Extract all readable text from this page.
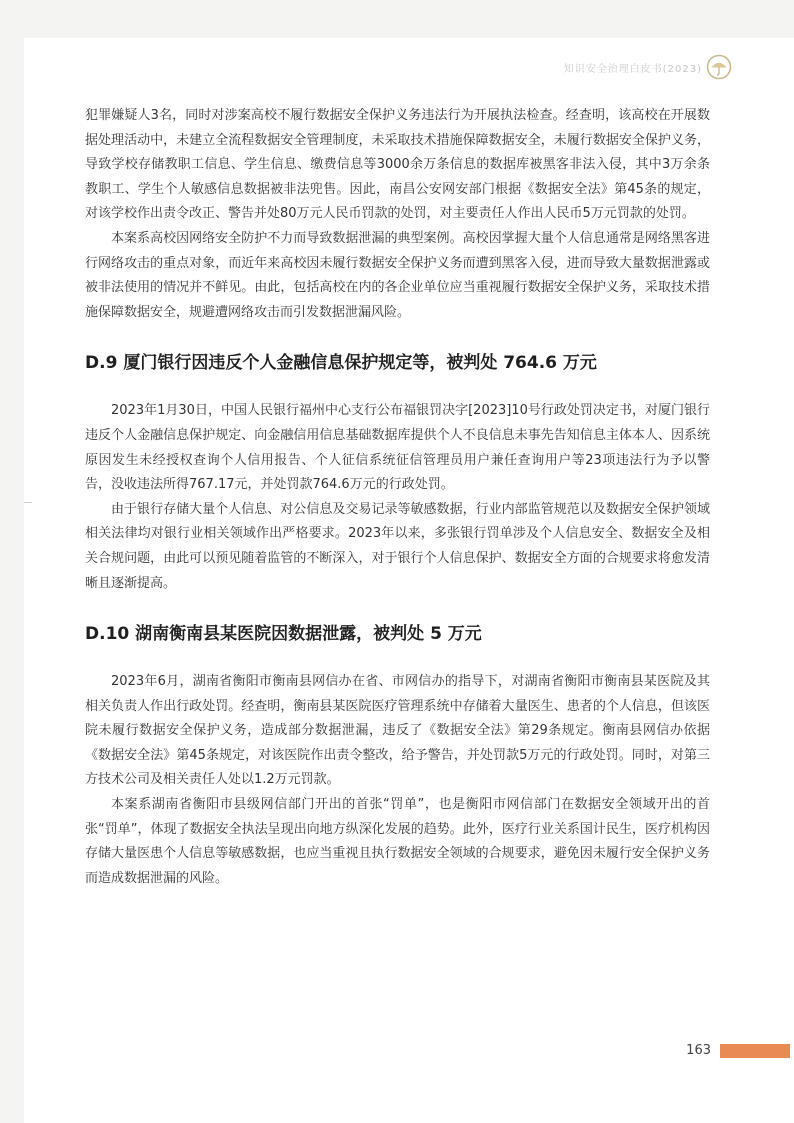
知识安全治理白皮书(2023)

犯罪嫌疑人3名，同时对涉案高校不履行数据安全保护义务违法行为开展执法检查。经查明，该高校在开展数据处理活动中，未建立全流程数据安全管理制度，未采取技术措施保障数据安全，未履行数据安全保护义务，导致学校存储教职工信息、学生信息、缴费信息等3000余万条信息的数据库被黑客非法入侵，其中3万余条教职工、学生个人敏感信息数据被非法兜售。因此，南昌公安网安部门根据《数据安全法》第45条的规定，对该学校作出责令改正、警告并处80万元人民币罚款的处罚，对主要责任人作出人民币5万元罚款的处罚。

本案系高校因网络安全防护不力而导致数据泄漏的典型案例。高校因掌握大量个人信息通常是网络黑客进行网络攻击的重点对象，而近年来高校因未履行数据安全保护义务而遭到黑客入侵，进而导致大量数据泄露或被非法使用的情况并不鲜见。由此，包括高校在内的各企业单位应当重视履行数据安全保护义务，采取技术措施保障数据安全，规避遭网络攻击而引发数据泄漏风险。

D.9 厦门银行因违反个人金融信息保护规定等，被判处 764.6 万元

2023年1月30日，中国人民银行福州中心支行公布福银罚决字[2023]10号行政处罚决定书，对厦门银行违反个人金融信息保护规定、向金融信用信息基础数据库提供个人不良信息未事先告知信息主体本人、因系统原因发生未经授权查询个人信用报告、个人征信系统征信管理员用户兼任查询用户等23项违法行为予以警告，没收违法所得767.17元，并处罚款764.6万元的行政处罚。

由于银行存储大量个人信息、对公信息及交易记录等敏感数据，行业内部监管规范以及数据安全保护领域相关法律均对银行业相关领域作出严格要求。2023年以来，多张银行罚单涉及个人信息安全、数据安全及相关合规问题，由此可以预见随着监管的不断深入，对于银行个人信息保护、数据安全方面的合规要求将愈发清晰且逐渐提高。

D.10 湖南衡南县某医院因数据泄露，被判处 5 万元

2023年6月，湖南省衡阳市衡南县网信办在省、市网信办的指导下，对湖南省衡阳市衡南县某医院及其相关负责人作出行政处罚。经查明，衡南县某医院医疗管理系统中存储着大量医生、患者的个人信息，但该医院未履行数据安全保护义务，造成部分数据泄漏，违反了《数据安全法》第29条规定。衡南县网信办依据《数据安全法》第45条规定，对该医院作出责令整改，给予警告，并处罚款5万元的行政处罚。同时，对第三方技术公司及相关责任人处以1.2万元罚款。

本案系湖南省衡阳市县级网信部门开出的首张“罚单”，也是衡阳市网信部门在数据安全领域开出的首张“罚单”，体现了数据安全执法呈现出向地方纵深化发展的趋势。此外，医疗行业关系国计民生，医疗机构因存储大量医患个人信息等敏感数据，也应当重视且执行数据安全领域的合规要求，避免因未履行安全保护义务而造成数据泄漏的风险。

163
